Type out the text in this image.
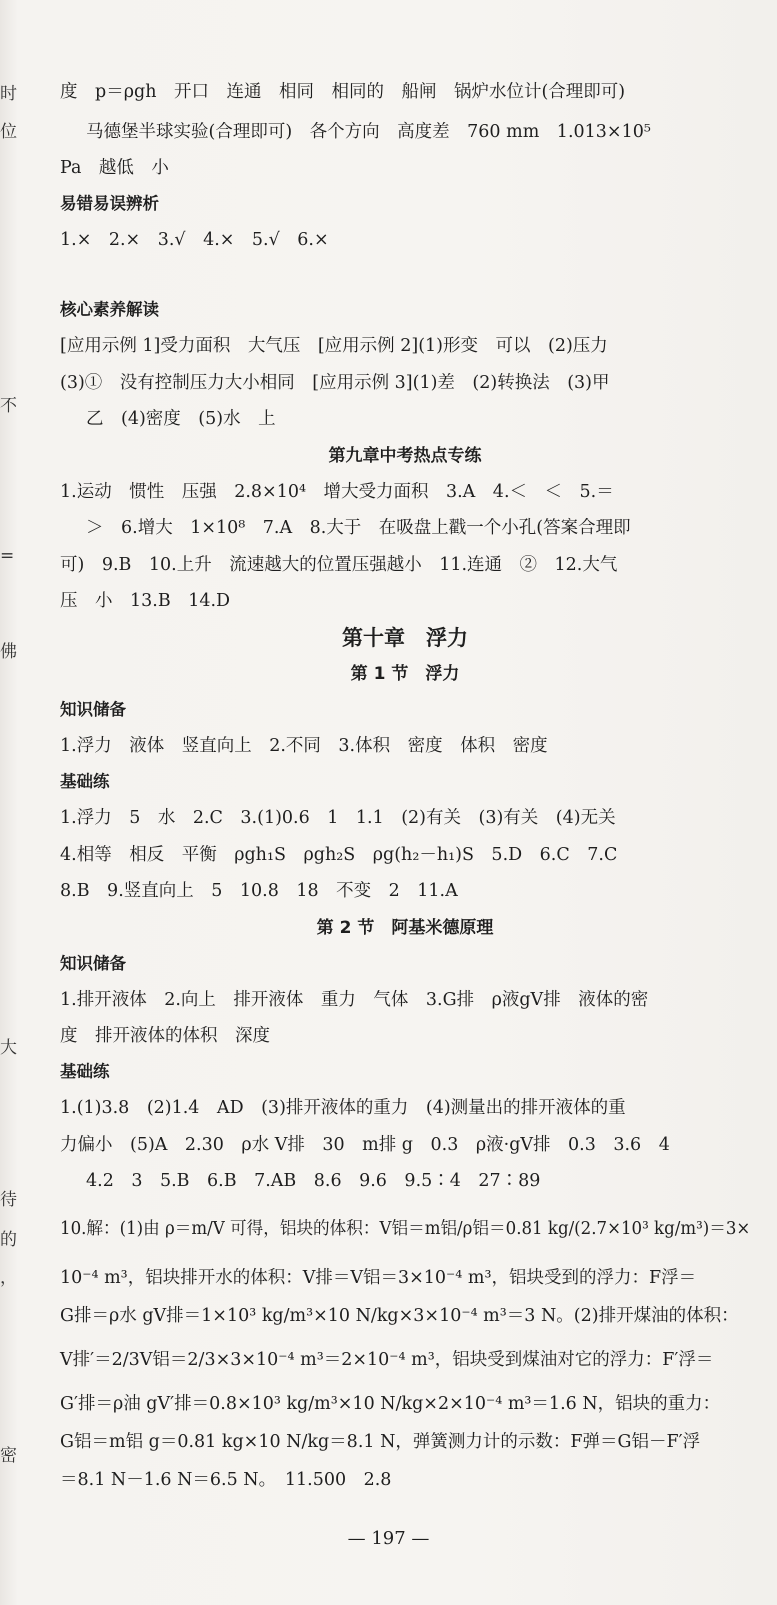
时
位
不
=
佛
大
待
的
，
密
度　p＝ρgh　开口　连通　相同　相同的　船闸　锅炉水位计(合理即可)
马德堡半球实验(合理即可)　各个方向　高度差　760 mm　1.013×10⁵
Pa　越低　小
易错易误辨析
1.×　2.×　3.√　4.×　5.√　6.×
核心素养解读
[应用示例 1]受力面积　大气压　[应用示例 2](1)形变　可以　(2)压力
(3)①　没有控制压力大小相同　[应用示例 3](1)差　(2)转换法　(3)甲
乙　(4)密度　(5)水　上
第九章中考热点专练
1.运动　惯性　压强　2.8×10⁴　增大受力面积　3.A　4.＜　＜　5.＝
＞　6.增大　1×10⁸　7.A　8.大于　在吸盘上戳一个小孔(答案合理即
可)　9.B　10.上升　流速越大的位置压强越小　11.连通　②　12.大气
压　小　13.B　14.D
第十章　浮力
第 1 节　浮力
知识储备
1.浮力　液体　竖直向上　2.不同　3.体积　密度　体积　密度
基础练
1.浮力　5　水　2.C　3.(1)0.6　1　1.1　(2)有关　(3)有关　(4)无关
4.相等　相反　平衡　ρgh₁S　ρgh₂S　ρg(h₂－h₁)S　5.D　6.C　7.C
8.B　9.竖直向上　5　10.8　18　不变　2　11.A
第 2 节　阿基米德原理
知识储备
1.排开液体　2.向上　排开液体　重力　气体　3.G排　ρ液gV排　液体的密
度　排开液体的体积　深度
基础练
1.(1)3.8　(2)1.4　AD　(3)排开液体的重力　(4)测量出的排开液体的重
力偏小　(5)A　2.30　ρ水 V排　30　m排 g　0.3　ρ液·gV排　0.3　3.6　4
4.2　3　5.B　6.B　7.AB　8.6　9.6　9.5∶4　27∶89
10.解：(1)由 ρ＝m/V 可得，铝块的体积：V铝＝m铝/ρ铝＝0.81 kg/(2.7×10³ kg/m³)＝3×
10⁻⁴ m³，铝块排开水的体积：V排＝V铝＝3×10⁻⁴ m³，铝块受到的浮力：F浮＝
G排＝ρ水 gV排＝1×10³ kg/m³×10 N/kg×3×10⁻⁴ m³＝3 N。(2)排开煤油的体积：
V排′＝2/3V铝＝2/3×3×10⁻⁴ m³＝2×10⁻⁴ m³，铝块受到煤油对它的浮力：F′浮＝
G′排＝ρ油 gV′排＝0.8×10³ kg/m³×10 N/kg×2×10⁻⁴ m³＝1.6 N，铝块的重力：
G铝＝m铝 g＝0.81 kg×10 N/kg＝8.1 N，弹簧测力计的示数：F弹＝G铝－F′浮
＝8.1 N－1.6 N＝6.5 N。　11.500　2.8
— 197 —
